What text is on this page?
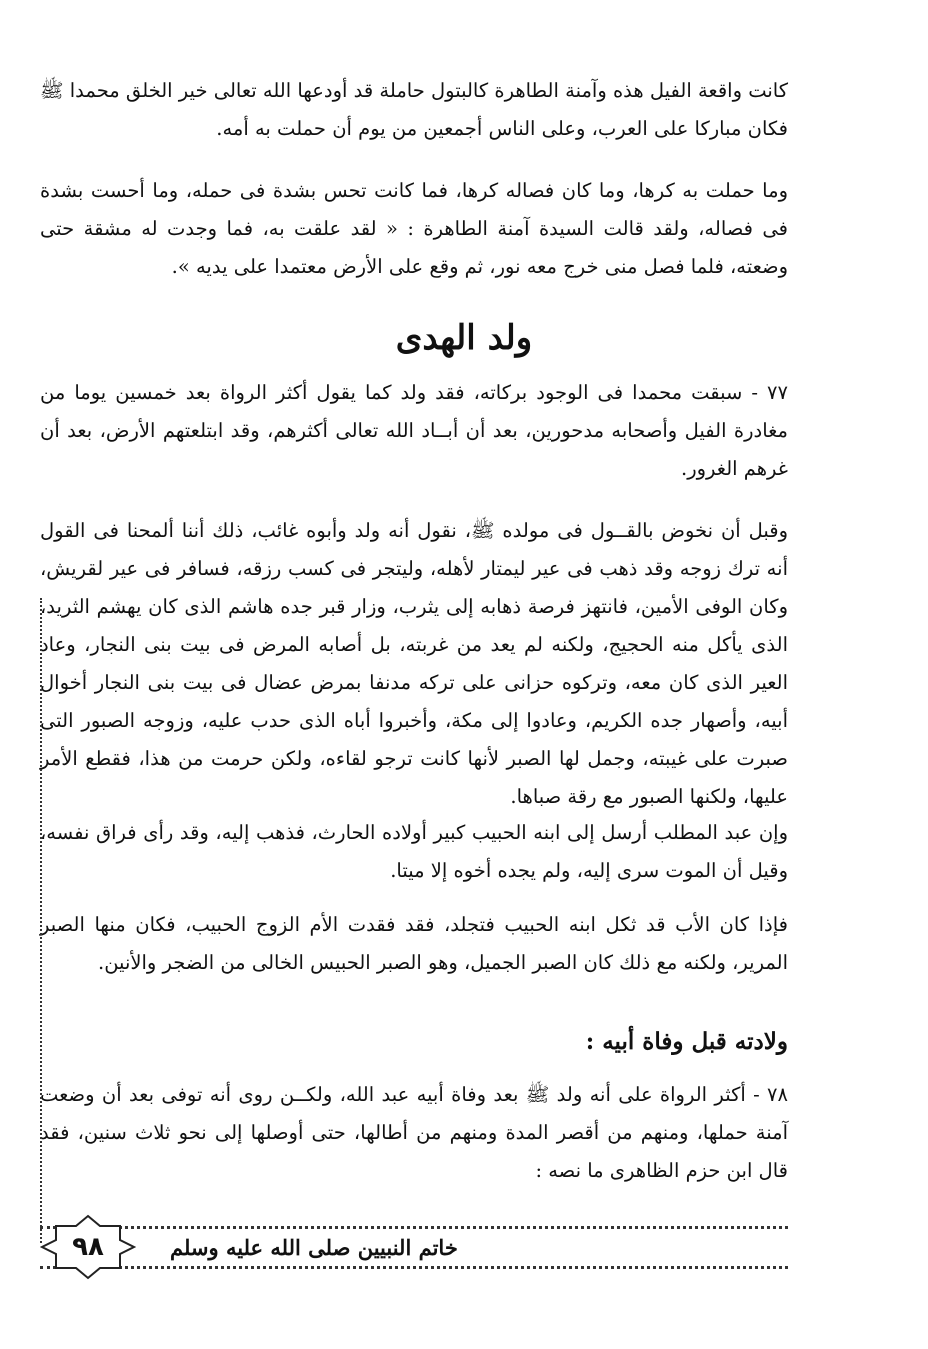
كانت واقعة الفيل هذه وآمنة الطاهرة كالبتول حاملة قد أودعها الله تعالى خير الخلق محمدا ﷺ فكان مباركا على العرب، وعلى الناس أجمعين من يوم أن حملت به أمه.

وما حملت به كرها، وما كان فصاله كرها، فما كانت تحس بشدة فى حمله، وما أحست بشدة فى فصاله، ولقد قالت السيدة آمنة الطاهرة : « لقد علقت به، فما وجدت له مشقة حتى وضعته، فلما فصل منى خرج معه نور، ثم وقع على الأرض معتمدا على يديه ».

ولد الهدى

٧٧ - سبقت محمدا فى الوجود بركاته، فقد ولد كما يقول أكثر الرواة بعد خمسين يوما من مغادرة الفيل وأصحابه مدحورين، بعد أن أبــاد الله تعالى أكثرهم، وقد ابتلعتهم الأرض، بعد أن غرهم الغرور.

وقبل أن نخوض بالقــول فى مولده ﷺ، نقول أنه ولد وأبوه غائب، ذلك أننا ألمحنا فى القول أنه ترك زوجه وقد ذهب فى عير ليمتار لأهله، وليتجر فى كسب رزقه، فسافر فى عير لقريش، وكان الوفى الأمين، فانتهز فرصة ذهابه إلى يثرب، وزار قبر جده هاشم الذى كان يهشم الثريد، الذى يأكل منه الحجيج، ولكنه لم يعد من غربته، بل أصابه المرض فى بيت بنى النجار، وعاد العير الذى كان معه، وتركوه حزانى على تركه مدنفا بمرض عضال فى بيت بنى النجار أخوال أبيه، وأصهار جده الكريم، وعادوا إلى مكة، وأخبروا أباه الذى حدب عليه، وزوجه الصبور التى صبرت على غيبته، وجمل لها الصبر لأنها كانت ترجو لقاءه، ولكن حرمت من هذا، فقطع الأمر عليها، ولكنها الصبور مع رقة صباها.

وإن عبد المطلب أرسل إلى ابنه الحبيب كبير أولاده الحارث، فذهب إليه، وقد رأى فراق نفسه، وقيل أن الموت سرى إليه، ولم يجده أخوه إلا ميتا.

فإذا كان الأب قد ثكل ابنه الحبيب فتجلد، فقد فقدت الأم الزوج الحبيب، فكان منها الصبر المرير، ولكنه مع ذلك كان الصبر الجميل، وهو الصبر الحبيس الخالى من الضجر والأنين.

ولادته قبل وفاة أبيه :

٧٨ - أكثر الرواة على أنه ولد ﷺ بعد وفاة أبيه عبد الله، ولكــن روى أنه توفى بعد أن وضعت آمنة حملها، ومنهم من أقصر المدة ومنهم من أطالها، حتى أوصلها إلى نحو ثلاث سنين، فقد قال ابن حزم الظاهرى ما نصه :

خاتم النبيين صلى الله عليه وسلم
٩٨
